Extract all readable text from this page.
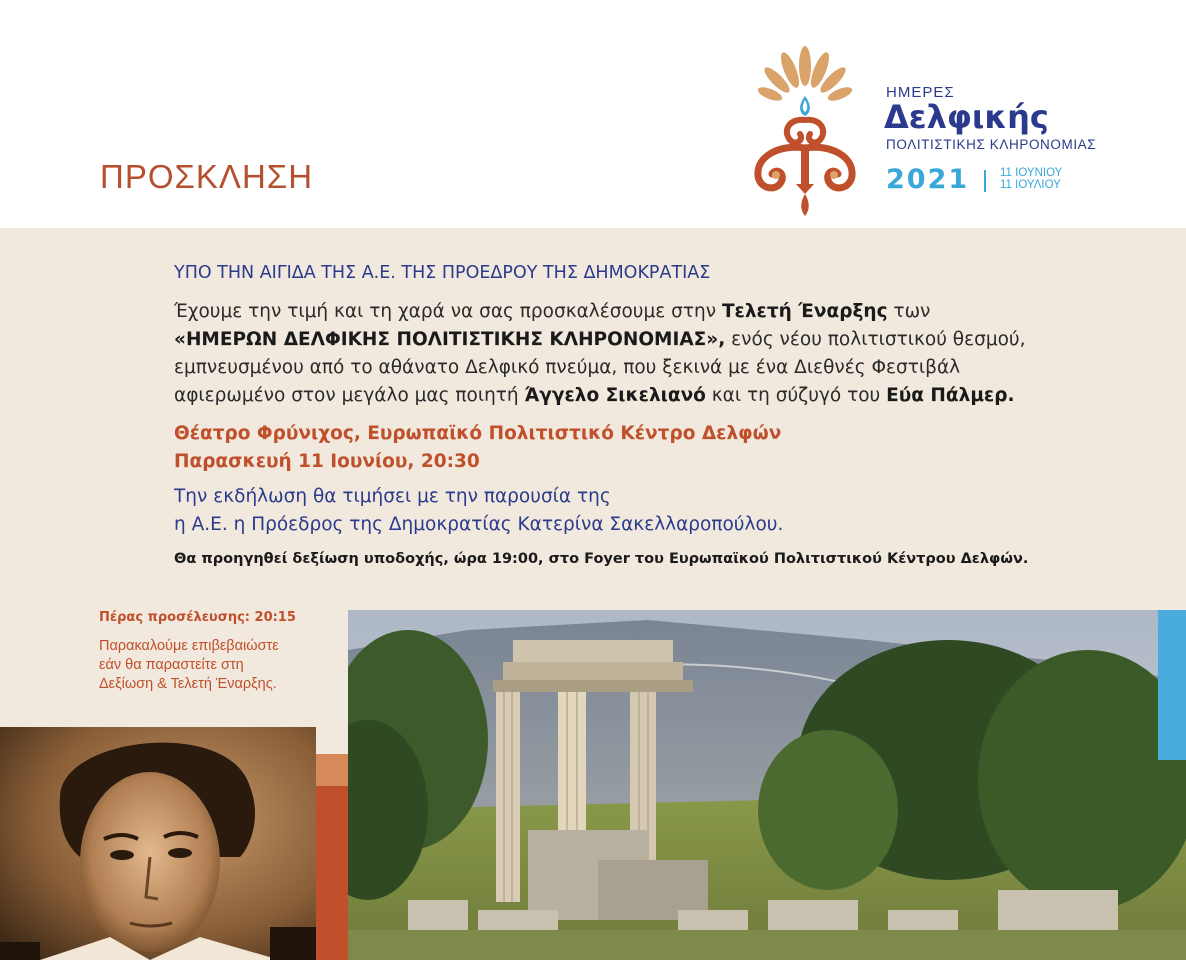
ΠΡΟΣΚΛΗΣΗ
ΗΜΕΡΕΣ
Δελφικής
ΠΟΛΙΤΙΣΤΙΚΗΣ ΚΛΗΡΟΝΟΜΙΑΣ
2021	11 ΙΟΥΝΙΟΥ
11 ΙΟΥΛΙΟΥ
ΥΠΟ ΤΗΝ ΑΙΓΙΔΑ ΤΗΣ Α.Ε. ΤΗΣ ΠΡΟΕΔΡΟΥ ΤΗΣ ΔΗΜΟΚΡΑΤΙΑΣ
Έχουμε την τιμή και τη χαρά να σας προσκαλέσουμε στην Τελετή Έναρξης των
«ΗΜΕΡΩΝ ΔΕΛΦΙΚΗΣ ΠΟΛΙΤΙΣΤΙΚΗΣ ΚΛΗΡΟΝΟΜΙΑΣ», ενός νέου πολιτιστικού θεσμού,
εμπνευσμένου από το αθάνατο Δελφικό πνεύμα, που ξεκινά με ένα Διεθνές Φεστιβάλ
αφιερωμένο στον μεγάλο μας ποιητή Άγγελο Σικελιανό και τη σύζυγό του Εύα Πάλμερ.
Θέατρο Φρύνιχος, Ευρωπαϊκό Πολιτιστικό Κέντρο Δελφών
Παρασκευή 11 Ιουνίου, 20:30
Την εκδήλωση θα τιμήσει με την παρουσία της
η Α.Ε. η Πρόεδρος της Δημοκρατίας Κατερίνα Σακελλαροπούλου.
Θα προηγηθεί δεξίωση υποδοχής, ώρα 19:00, στο Foyer του Ευρωπαϊκού Πολιτιστικού Κέντρου Δελφών.
Πέρας προσέλευσης: 20:15
Παρακαλούμε επιβεβαιώστε
εάν θα παραστείτε στη
Δεξίωση & Τελετή Έναρξης.
